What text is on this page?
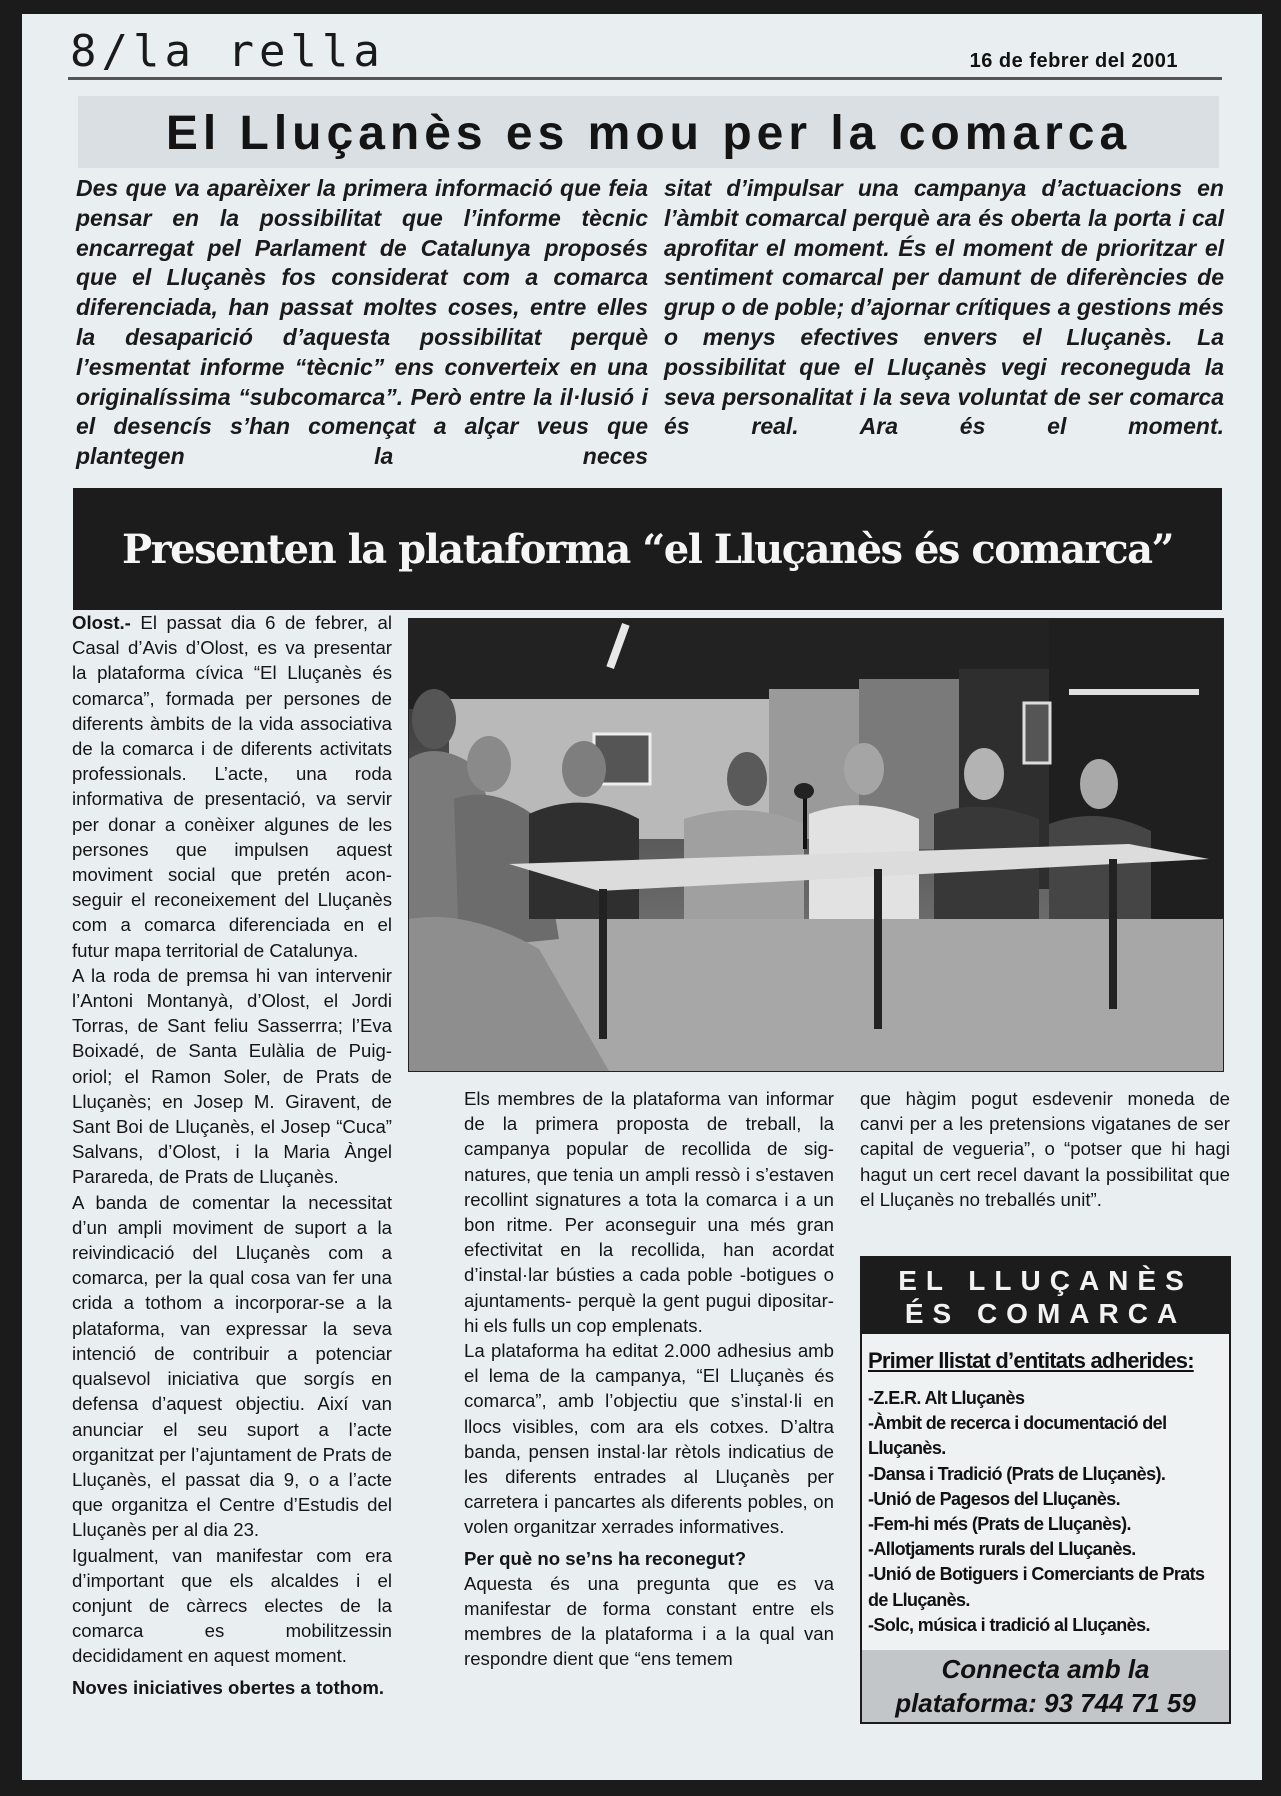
8/la rella	16 de febrer del 2001
El Lluçanès es mou per la comarca
Des que va aparèixer la primera informació que feia pensar en la possibilitat que l’informe tècnic encarregat pel Parlament de Catalunya proposés que el Lluçanès fos considerat com a comarca diferenciada, han passat moltes coses, entre elles la desaparició d’aquesta possibilitat perquè l’esmentat informe “tècnic” ens converteix en una originalíssima “subcomarca”. Però entre la il·lusió i el desencís s’han començat a alçar veus que plantegen la neces
sitat d’impulsar una campanya d’actuacions en l’àmbit comarcal perquè ara és oberta la porta i cal aprofitar el moment. És el moment de prioritzar el sentiment comarcal per damunt de diferències de grup o de poble; d’ajornar crítiques a gestions més o menys efectives envers el Lluçanès. La possibilitat que el Lluçanès vegi reconeguda la seva personalitat i la seva voluntat de ser comarca és real. Ara és el moment.
Presenten la plataforma “el Lluçanès és comarca”

Olost.- El passat dia 6 de febrer, al Casal d’Avis d’Olost, es va presentar la plataforma cívica “El Lluçanès és comarca”, formada per persones de diferents àmbits de la vida associativa de la comarca i de diferents activitats professionals. L’acte, una roda informativa de presentació, va servir per donar a conèixer algunes de les persones que impulsen aquest moviment social que pretén aconseguir el reconeixement del Lluçanès com a comarca diferenciada en el futur mapa territorial de Catalunya.

A la roda de premsa hi van intervenir l’Antoni Montanyà, d’Olost, el Jordi Torras, de Sant feliu Sasserrra; l’Eva Boixadé, de Santa Eulàlia de Puig-oriol; el Ramon Soler, de Prats de Lluçanès; en Josep M. Giravent, de Sant Boi de Lluçanès, el Josep “Cuca” Salvans, d’Olost, i la Maria Àngel Parareda, de Prats de Lluçanès.

A banda de comentar la necessitat d’un ampli moviment de suport a la reivindicació del Lluçanès com a comarca, per la qual cosa van fer una crida a tothom a incorporar-se a la plataforma, van expressar la seva intenció de contribuir a potenciar qualsevol iniciativa que sorgís en defensa d’aquest objectiu. Així van anunciar el seu suport a l’acte organitzat per l’ajuntament de Prats de Lluçanès, el passat dia 9, o a l’acte que organitza el Centre d’Estudis del Lluçanès per al dia 23.

Igualment, van manifestar com era d’important que els alcaldes i el conjunt de càrrecs electes de la comarca es mobilitzessin decididament en aquest moment.

Noves iniciatives obertes a tothom.

Els membres de la plataforma van informar de la primera proposta de treball, la campanya popular de recollida de signatures, que tenia un ampli ressò i s’estaven recollint signatures a tota la comarca i a un bon ritme. Per aconseguir una més gran efectivitat en la recollida, han acordat d’instal·lar bústies a cada poble -botigues o ajuntaments- perquè la gent pugui dipositar-hi els fulls un cop emplenats.

La plataforma ha editat 2.000 adhesius amb el lema de la campanya, “El Lluçanès és comarca”, amb l’objectiu que s’instal·li en llocs visibles, com ara els cotxes. D’altra banda, pensen instal·lar rètols indicatius de les diferents entrades al Lluçanès per carretera i pancartes als diferents pobles, on volen organitzar xerrades informatives.

Per què no se’ns ha reconegut?

Aquesta és una pregunta que es va manifestar de forma constant entre els membres de la plataforma i a la qual van respondre dient que “ens temem

que hàgim pogut esdevenir moneda de canvi per a les pretensions vigatanes de ser capital de vegueria”, o “potser que hi hagi hagut un cert recel davant la possibilitat que el Lluçanès no treballés unit”.

EL LLUÇANÈS
ÉS COMARCA
Primer llistat d’entitats adherides:
-Z.E.R. Alt Lluçanès
-Àmbit de recerca i documentació del Lluçanès.
-Dansa i Tradició (Prats de Lluçanès).
-Unió de Pagesos del Lluçanès.
-Fem-hi més (Prats de Lluçanès).
-Allotjaments rurals del Lluçanès.
-Unió de Botiguers i Comerciants de Prats de Lluçanès.
-Solc, música i tradició al Lluçanès.
Connecta amb la
plataforma: 93 744 71 59
